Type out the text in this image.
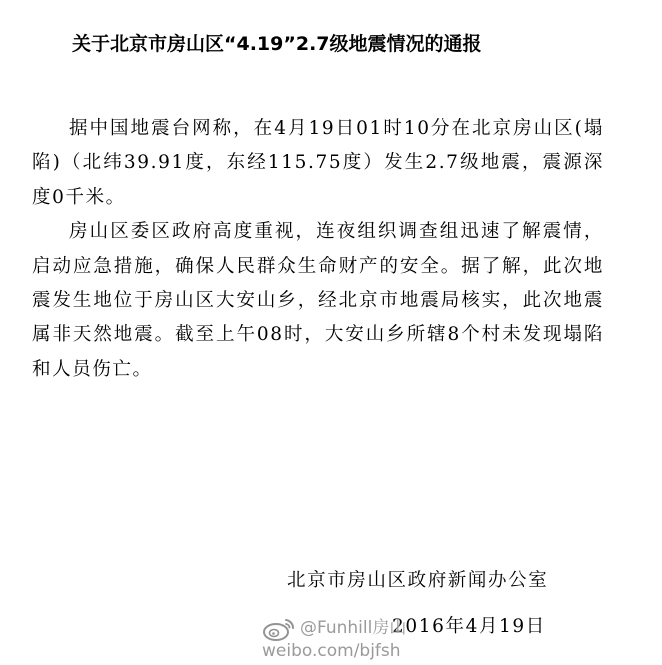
关于北京市房山区“4.19”2.7级地震情况的通报

据中国地震台网称，在4月19日01时10分在北京房山区(塌陷)（北纬39.91度，东经115.75度）发生2.7级地震，震源深度0千米。

房山区委区政府高度重视，连夜组织调查组迅速了解震情，启动应急措施，确保人民群众生命财产的安全。据了解，此次地震发生地位于房山区大安山乡，经北京市地震局核实，此次地震属非天然地震。截至上午08时，大安山乡所辖8个村未发现塌陷和人员伤亡。

北京市房山区政府新闻办公室
2016年4月19日
@Funhill房山
weibo.com/bjfsh
